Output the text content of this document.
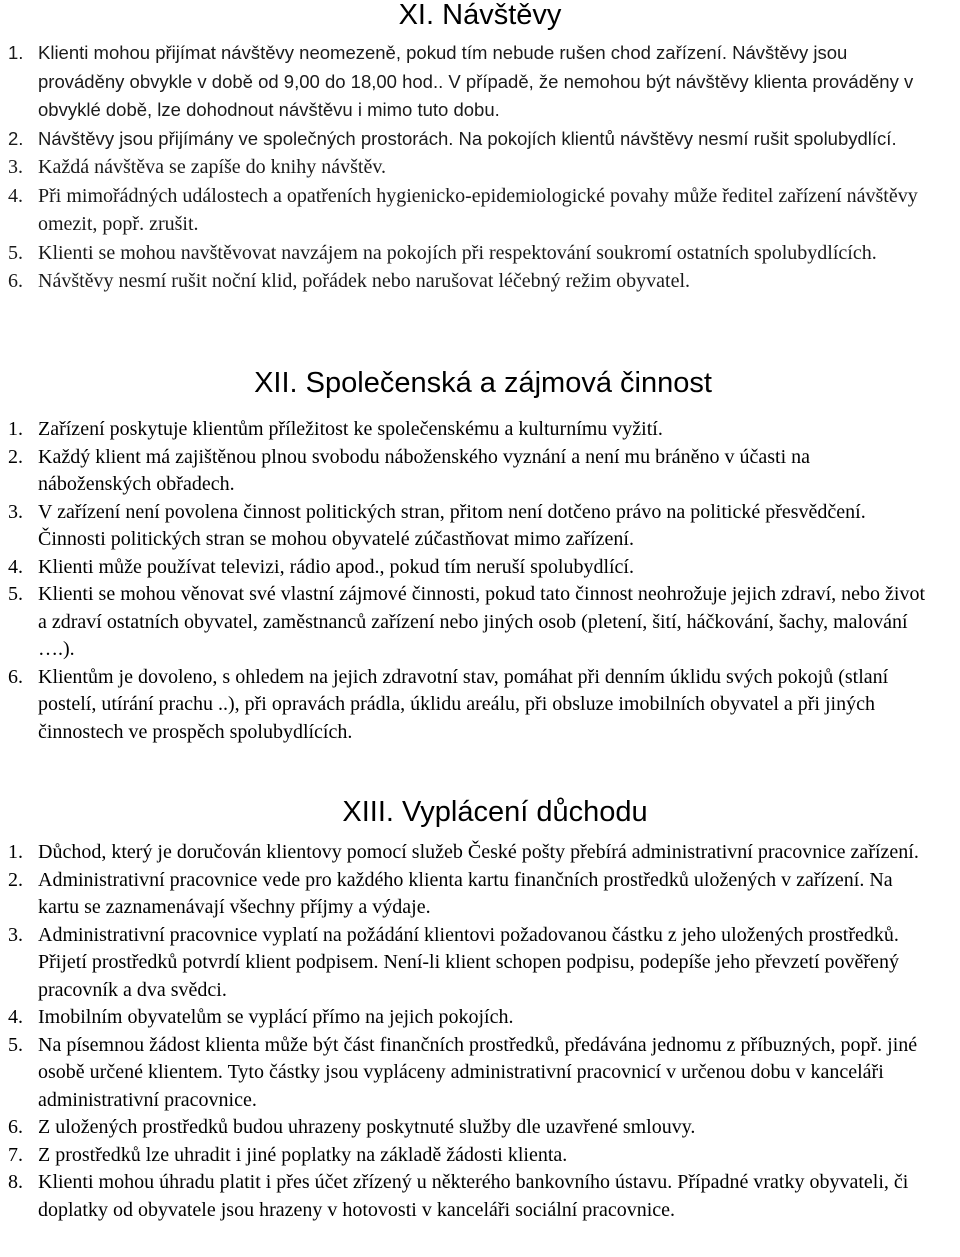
XI. Návštěvy
1. Klienti mohou přijímat návštěvy neomezeně, pokud tím nebude rušen chod zařízení. Návštěvy jsou prováděny obvykle v době od 9,00 do 18,00 hod.. V případě, že nemohou být návštěvy klienta prováděny v obvyklé době, lze dohodnout návštěvu i mimo tuto dobu.
2. Návštěvy jsou přijímány ve společných prostorách. Na pokojích klientů návštěvy nesmí rušit spolubydlící.
3. Každá návštěva se zapíše do knihy návštěv.
4. Při mimořádných událostech a opatřeních hygienicko-epidemiologické povahy může ředitel zařízení návštěvy omezit, popř. zrušit.
5. Klienti se mohou navštěvovat navzájem na pokojích při respektování soukromí ostatních spolubydlících.
6. Návštěvy nesmí rušit noční klid, pořádek nebo narušovat léčebný režim obyvatel.
XII. Společenská a zájmová činnost
1. Zařízení poskytuje klientům příležitost ke společenskému a kulturnímu vyžití.
2. Každý klient má zajištěnou plnou svobodu náboženského vyznání a není mu bráněno v účasti na náboženských obřadech.
3. V zařízení není povolena činnost politických stran, přitom není dotčeno právo na politické přesvědčení. Činnosti politických stran se mohou obyvatelé zúčastňovat mimo zařízení.
4. Klienti může používat televizi, rádio apod., pokud tím neruší spolubydlící.
5. Klienti se mohou věnovat své vlastní zájmové činnosti, pokud tato činnost neohrožuje jejich zdraví, nebo život a zdraví ostatních obyvatel, zaměstnanců zařízení nebo jiných osob (pletení, šití, háčkování, šachy, malování ….).
6. Klientům je dovoleno, s ohledem na jejich zdravotní stav, pomáhat při denním úklidu svých pokojů (stlaní postelí, utírání prachu ..), při opravách prádla, úklidu areálu, při obsluze imobilních obyvatel a při jiných činnostech ve prospěch spolubydlících.
XIII. Vyplácení důchodu
1. Důchod, který je doručován klientovy pomocí služeb České pošty přebírá administrativní pracovnice zařízení.
2. Administrativní pracovnice vede pro každého klienta kartu finančních prostředků uložených v zařízení. Na kartu se zaznamenávají všechny příjmy a výdaje.
3. Administrativní pracovnice vyplatí na požádání klientovi požadovanou částku z jeho uložených prostředků. Přijetí prostředků potvrdí klient podpisem. Není-li klient schopen podpisu, podepíše jeho převzetí pověřený pracovník a dva svědci.
4. Imobilním obyvatelům se vyplácí přímo na jejich pokojích.
5. Na písemnou žádost klienta může být část finančních prostředků, předávána jednomu z příbuzných, popř. jiné osobě určené klientem. Tyto částky jsou vypláceny administrativní pracovnicí v určenou dobu v kanceláři administrativní pracovnice.
6. Z uložených prostředků budou uhrazeny poskytnuté služby dle uzavřené smlouvy.
7. Z prostředků lze uhradit i jiné poplatky na základě žádosti klienta.
8. Klienti mohou úhradu platit i přes účet zřízený u některého bankovního ústavu. Případné vratky obyvateli, či doplatky od obyvatele jsou hrazeny v hotovosti v kanceláři sociální pracovnice.
